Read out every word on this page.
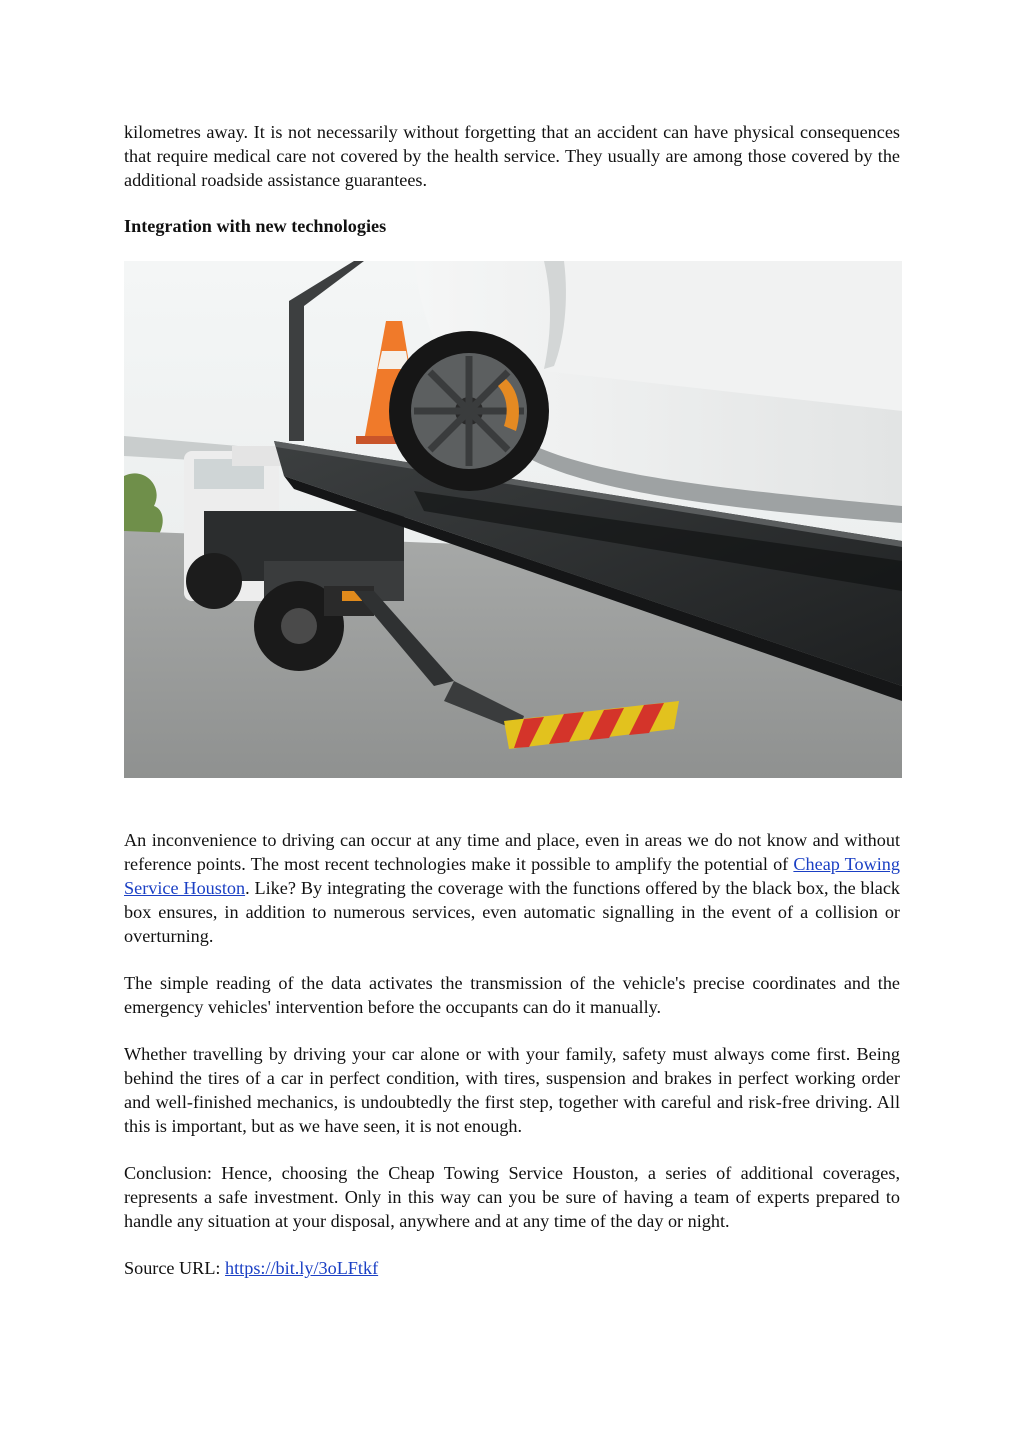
kilometres away. It is not necessarily without forgetting that an accident can have physical consequences that require medical care not covered by the health service. They usually are among those covered by the additional roadside assistance guarantees.

Integration with new technologies

An inconvenience to driving can occur at any time and place, even in areas we do not know and without reference points. The most recent technologies make it possible to amplify the potential of Cheap Towing Service Houston. Like? By integrating the coverage with the functions offered by the black box, the black box ensures, in addition to numerous services, even automatic signalling in the event of a collision or overturning.

The simple reading of the data activates the transmission of the vehicle's precise coordinates and the emergency vehicles' intervention before the occupants can do it manually.

Whether travelling by driving your car alone or with your family, safety must always come first. Being behind the tires of a car in perfect condition, with tires, suspension and brakes in perfect working order and well-finished mechanics, is undoubtedly the first step, together with careful and risk-free driving. All this is important, but as we have seen, it is not enough.

Conclusion: Hence, choosing the Cheap Towing Service Houston, a series of additional coverages, represents a safe investment. Only in this way can you be sure of having a team of experts prepared to handle any situation at your disposal, anywhere and at any time of the day or night.

Source URL: https://bit.ly/3oLFtkf
